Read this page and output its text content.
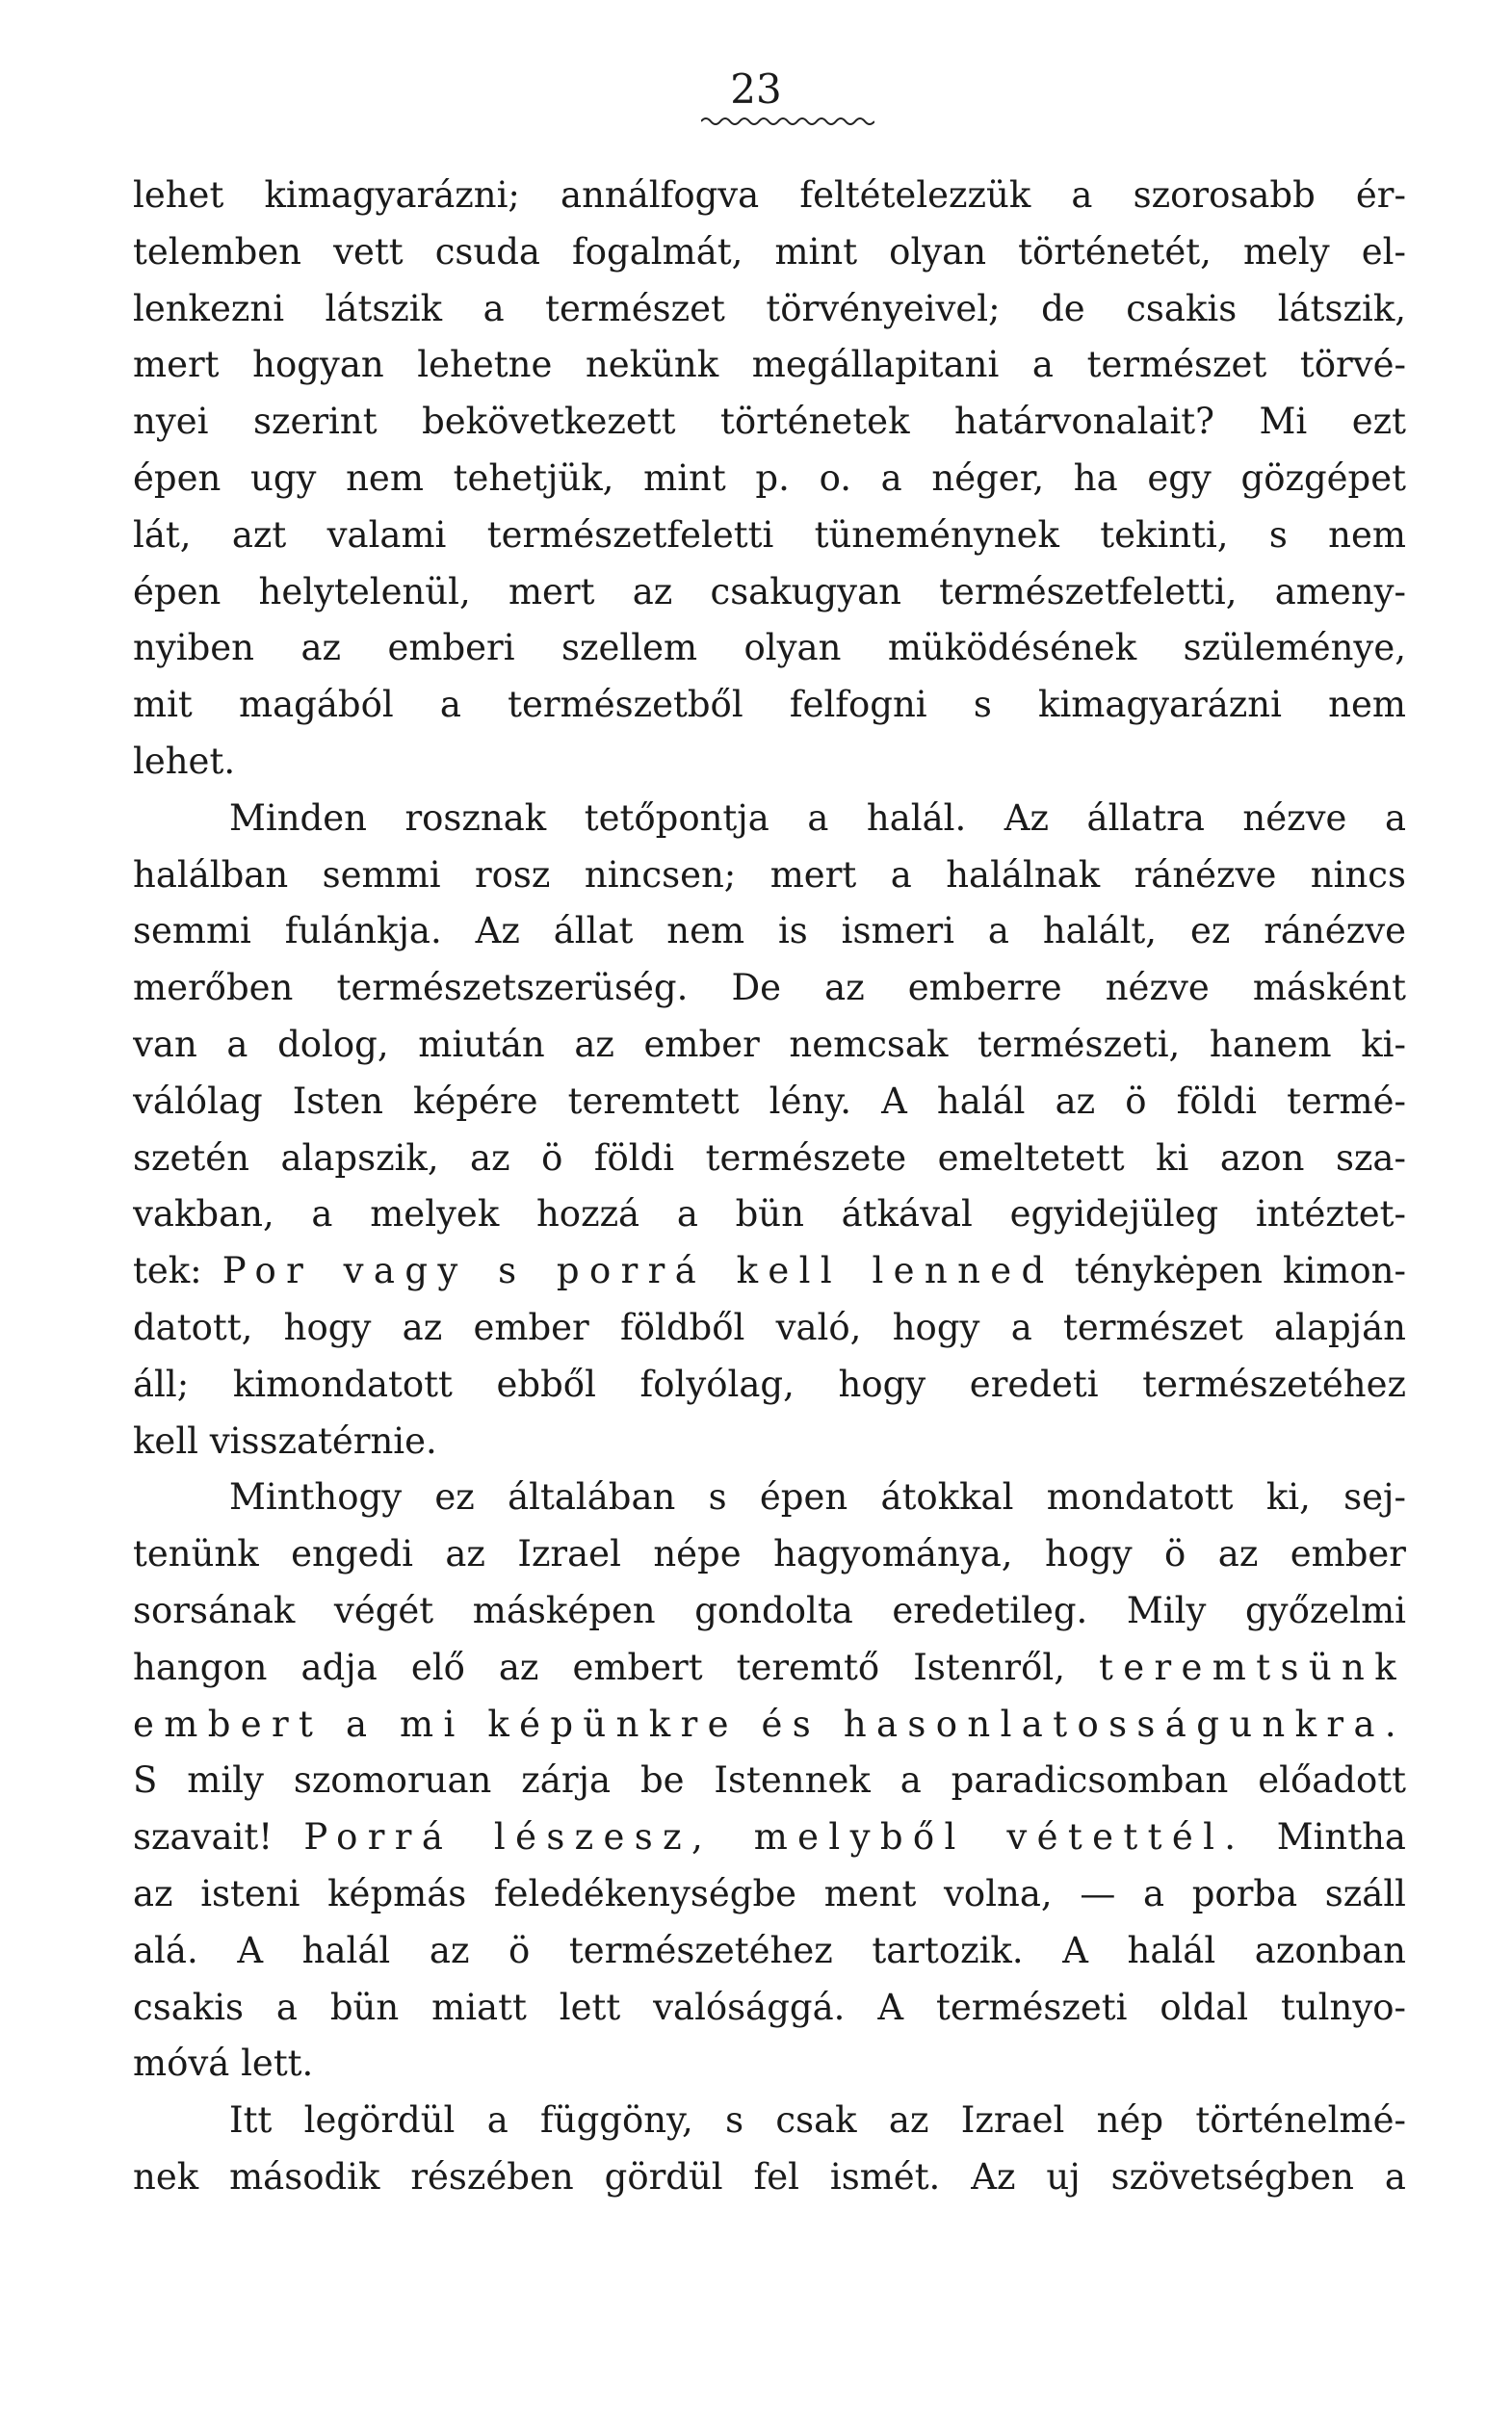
23
lehet kimagyarázni; annálfogva feltételezzük a szorosabb ér-
telemben vett csuda fogalmát, mint olyan történetét, mely el-
lenkezni látszik a természet törvényeivel; de csakis látszik,
mert hogyan lehetne nekünk megállapitani a természet törvé-
nyei szerint bekövetkezett történetek határvonalait? Mi ezt
épen ugy nem tehetjük, mint p. o. a néger, ha egy gözgépet
lát, azt valami természetfeletti tüneménynek tekinti, s nem
épen helytelenül, mert az csakugyan természetfeletti, ameny-
nyiben az emberi szellem olyan müködésének szüleménye,
mit magából a természetből felfogni s kimagyarázni nem
lehet.
Minden rosznak tetőpontja a halál. Az állatra nézve a
halálban semmi rosz nincsen; mert a halálnak ránézve nincs
semmi fulánkja. Az állat nem is ismeri a halált, ez ránézve
merőben természetszerüség. De az emberre nézve másként
van a dolog, miután az ember nemcsak természeti, hanem ki-
válólag Isten képére teremtett lény. A halál az ö földi termé-
szetén alapszik, az ö földi természete emeltetett ki azon sza-
vakban, a melyek hozzá a bün átkával egyidejüleg intéztet-
tek: Por vagy s porrá kell lenned ténykėpen kimon-
datott, hogy az ember földből való, hogy a természet alapján
áll; kimondatott ebből folyólag, hogy eredeti természetéhez
kell visszatérnie.
Minthogy ez általában s épen átokkal mondatott ki, sej-
tenünk engedi az Izrael népe hagyománya, hogy ö az ember
sorsának végét másképen gondolta eredetileg. Mily győzelmi
hangon adja elő az embert teremtő Istenről, teremtsünk
embert a mi képünkre és hasonlatosságunkra.
S mily szomoruan zárja be Istennek a paradicsomban előadott
szavait! Porrá lészesz, melyből vétettél. Mintha
az isteni képmás feledékenységbe ment volna, — a porba száll
alá. A halál az ö természetéhez tartozik. A halál azonban
csakis a bün miatt lett valósággá. A természeti oldal tulnyo-
móvá lett.
Itt legördül a függöny, s csak az Izrael nép történelmé-
nek második részében gördül fel ismét. Az uj szövetségben a
